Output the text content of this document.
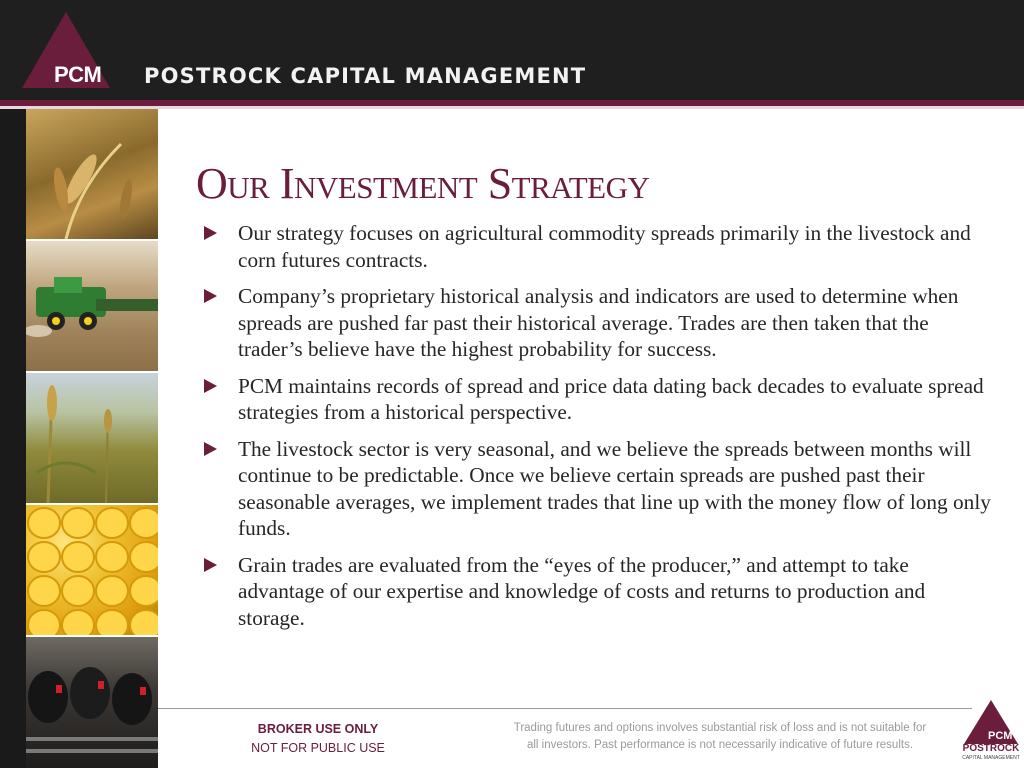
PCM POSTROCK CAPITAL MANAGEMENT
Our Investment Strategy
Our strategy focuses on agricultural commodity spreads primarily in the livestock and corn futures contracts.
Company’s proprietary historical analysis and indicators are used to determine when spreads are pushed far past their historical average. Trades are then taken that the trader’s believe have the highest probability for success.
PCM maintains records of spread and price data dating back decades to evaluate spread strategies from a historical perspective.
The livestock sector is very seasonal, and we believe the spreads between months will continue to be predictable. Once we believe certain spreads are pushed past their seasonable averages, we implement trades that line up with the money flow of long only funds.
Grain trades are evaluated from the “eyes of the producer,” and attempt to take advantage of our expertise and knowledge of costs and returns to production and storage.
BROKER USE ONLY
NOT FOR PUBLIC USE
Trading futures and options involves substantial risk of loss and is not suitable for
all investors. Past performance is not necessarily indicative of future results.
PCM
POSTROCK
CAPITAL MANAGEMENT
